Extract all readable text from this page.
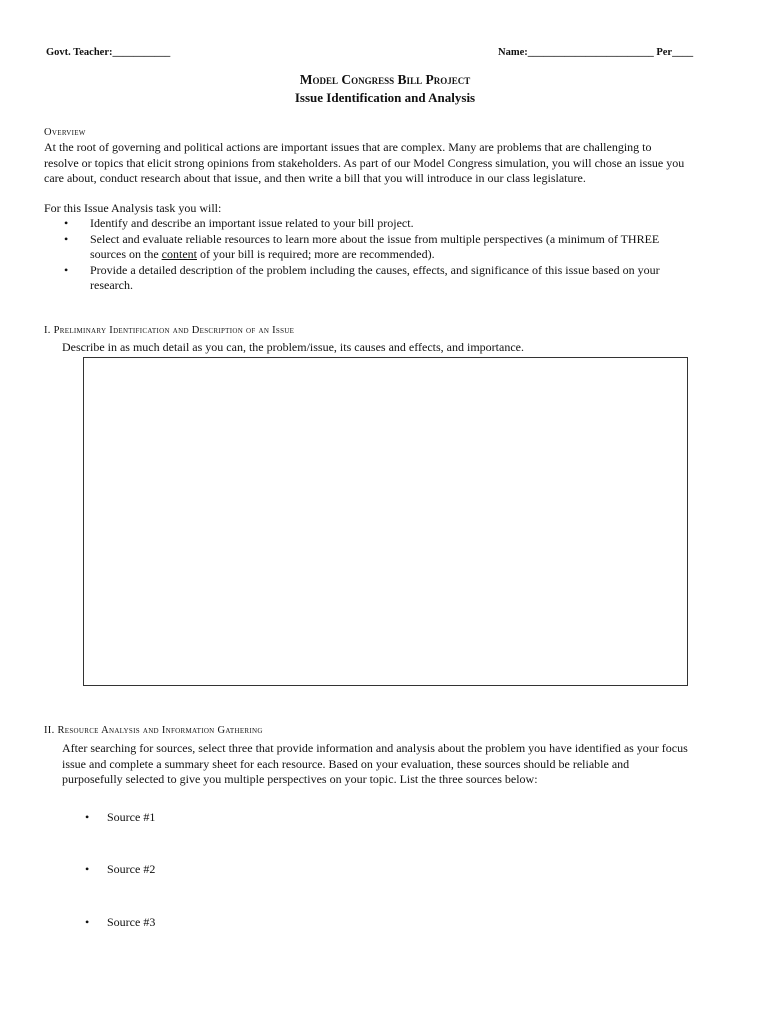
Govt. Teacher:___________	Name:________________________ Per____
Model Congress Bill Project
Issue Identification and Analysis
Overview
At the root of governing and political actions are important issues that are complex. Many are problems that are challenging to
resolve or topics that elicit strong opinions from stakeholders. As part of our Model Congress simulation, you will chose an issue you
care about, conduct research about that issue, and then write a bill that you will introduce in our class legislature.
For this Issue Analysis task you will:
• Identify and describe an important issue related to your bill project.
• Select and evaluate reliable resources to learn more about the issue from multiple perspectives (a minimum of THREE
sources on the content of your bill is required; more are recommended).
• Provide a detailed description of the problem including the causes, effects, and significance of this issue based on your
research.
I. Preliminary Identification and Description of an Issue
Describe in as much detail as you can, the problem/issue, its causes and effects, and importance.
II. Resource Analysis and Information Gathering
After searching for sources, select three that provide information and analysis about the problem you have identified as your focus
issue and complete a summary sheet for each resource. Based on your evaluation, these sources should be reliable and
purposefully selected to give you multiple perspectives on your topic. List the three sources below:
• Source #1
• Source #2
• Source #3
